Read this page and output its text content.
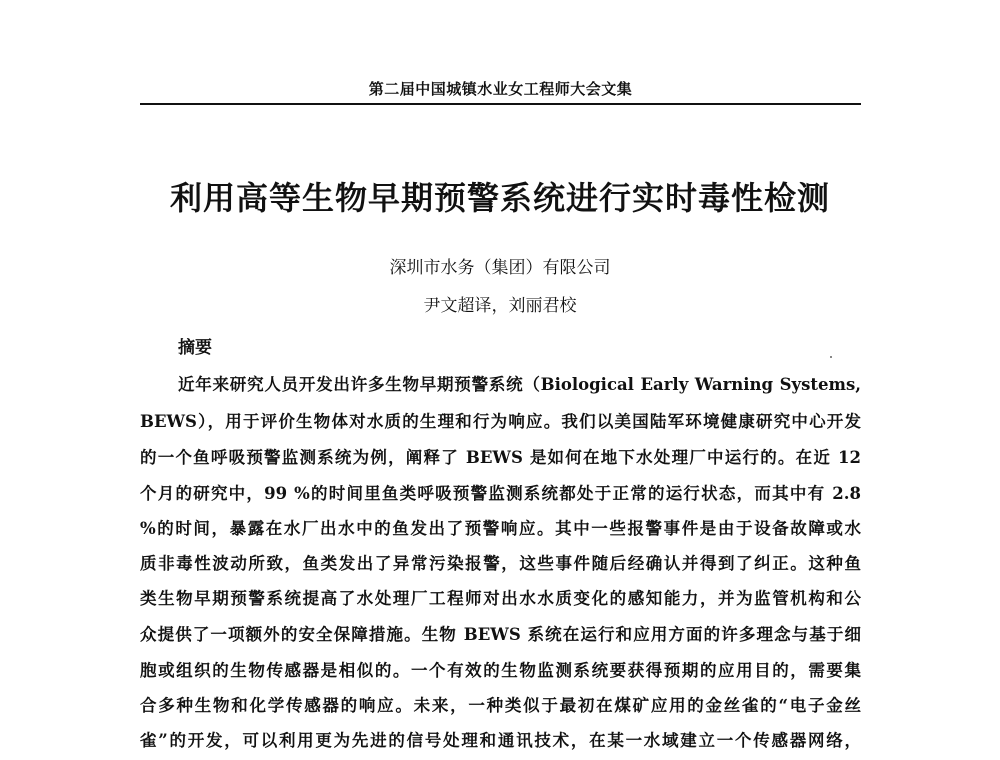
第二届中国城镇水业女工程师大会文集
利用高等生物早期预警系统进行实时毒性检测
深圳市水务（集团）有限公司
尹文超译，刘丽君校
摘要
近年来研究人员开发出许多生物早期预警系统（Biological Early Warning Systems,
BEWS），用于评价生物体对水质的生理和行为响应。我们以美国陆军环境健康研究中心开发
的一个鱼呼吸预警监测系统为例，阐释了 BEWS 是如何在地下水处理厂中运行的。在近 12
个月的研究中，99 %的时间里鱼类呼吸预警监测系统都处于正常的运行状态，而其中有 2.8
%的时间，暴露在水厂出水中的鱼发出了预警响应。其中一些报警事件是由于设备故障或水
质非毒性波动所致，鱼类发出了异常污染报警，这些事件随后经确认并得到了纠正。这种鱼
类生物早期预警系统提高了水处理厂工程师对出水水质变化的感知能力，并为监管机构和公
众提供了一项额外的安全保障措施。生物 BEWS 系统在运行和应用方面的许多理念与基于细
胞或组织的生物传感器是相似的。一个有效的生物监测系统要获得预期的应用目的，需要集
合多种生物和化学传感器的响应。未来，一种类似于最初在煤矿应用的金丝雀的“电子金丝
雀”的开发，可以利用更为先进的信号处理和通讯技术，在某一水域建立一个传感器网络，
